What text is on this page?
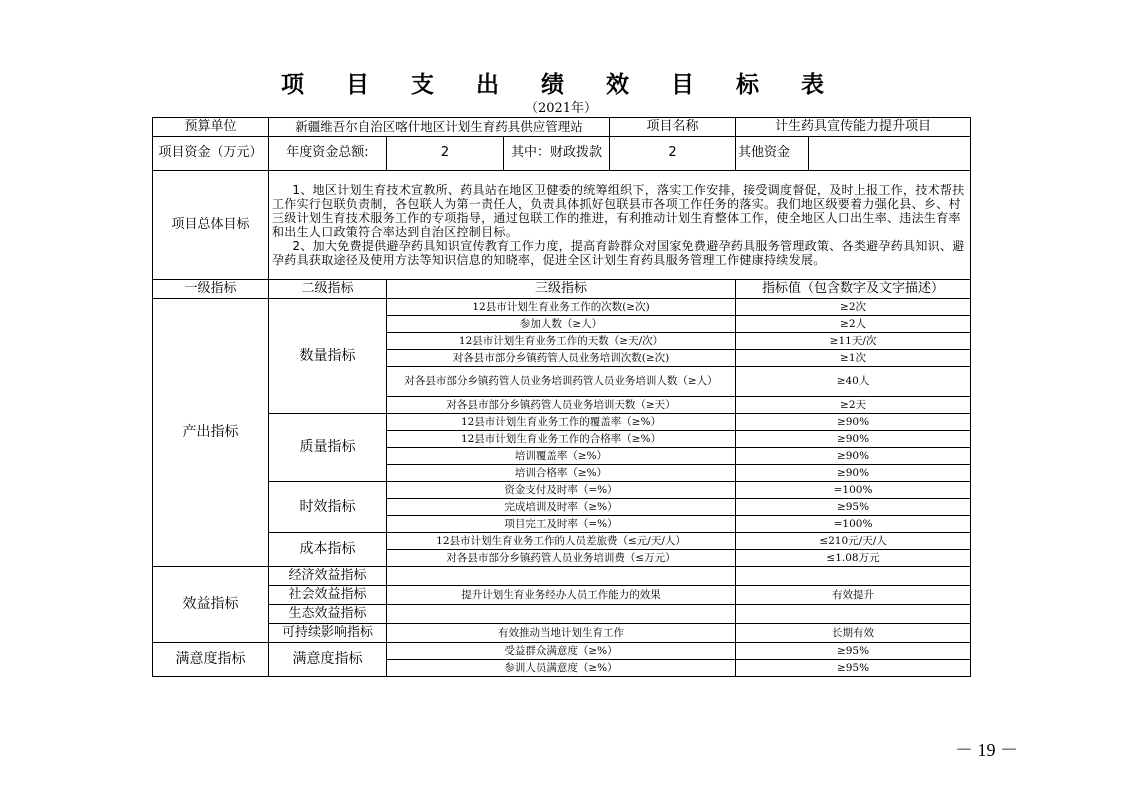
项 目 支 出 绩 效 目 标 表
（2021年）
预算单位	新疆维吾尔自治区喀什地区计划生育药具供应管理站			项目名称	计生药具宣传能力提升项目	
项目资金（万元）	年度资金总额:	2	其中：财政拨款	2	其他资金	
项目总体目标	1、地区计划生育技术宣教所、药具站在地区卫健委的统筹组织下，落实工作安排，接受调度督促，及时上报工作，技术帮扶工作实行包联负责制，各包联人为第一责任人，负责具体抓好包联县市各项工作任务的落实。我们地区级要着力强化县、乡、村三级计划生育技术服务工作的专项指导，通过包联工作的推进，有利推动计划生育整体工作，使全地区人口出生率、违法生育率和出生人口政策符合率达到自治区控制目标。

2、加大免费提供避孕药具知识宣传教育工作力度，提高育龄群众对国家免费避孕药具服务管理政策、各类避孕药具知识、避孕药具获取途径及使用方法等知识信息的知晓率，促进全区计划生育药具服务管理工作健康持续发展。					

一级指标	二级指标	三级指标			指标值（包含数字及文字描述）	
产出指标	数量指标	12县市计划生育业务工作的次数(≥次)			≥2次	
		参加人数（≥人）			≥2人	
		12县市计划生育业务工作的天数（≥天/次）			≥11天/次	
		对各县市部分乡镇药管人员业务培训次数(≥次)			≥1次	
		对各县市部分乡镇药管人员业务培训药管人员业务培训人数（≥人）			≥40人	
		对各县市部分乡镇药管人员业务培训天数（≥天）			≥2天	
	质量指标	12县市计划生育业务工作的覆盖率（≥%）			≥90%	
		12县市计划生育业务工作的合格率（≥%）			≥90%	
		培训覆盖率（≥%）			≥90%	
		培训合格率（≥%）			≥90%	
	时效指标	资金支付及时率（=%）			=100%	
		完成培训及时率（≥%）			≥95%	
		项目完工及时率（=%）			=100%	
	成本指标	12县市计划生育业务工作的人员差旅费（≤元/天/人）			≤210元/天/人	
		对各县市部分乡镇药管人员业务培训费（≤万元）			≤1.08万元	
效益指标	经济效益指标					
	社会效益指标	提升计划生育业务经办人员工作能力的效果			有效提升	
	生态效益指标					
	可持续影响指标	有效推动当地计划生育工作			长期有效	
满意度指标	满意度指标	受益群众满意度（≥%）			≥95%	
		参训人员满意度（≥%）			≥95%	
－ 19 －
